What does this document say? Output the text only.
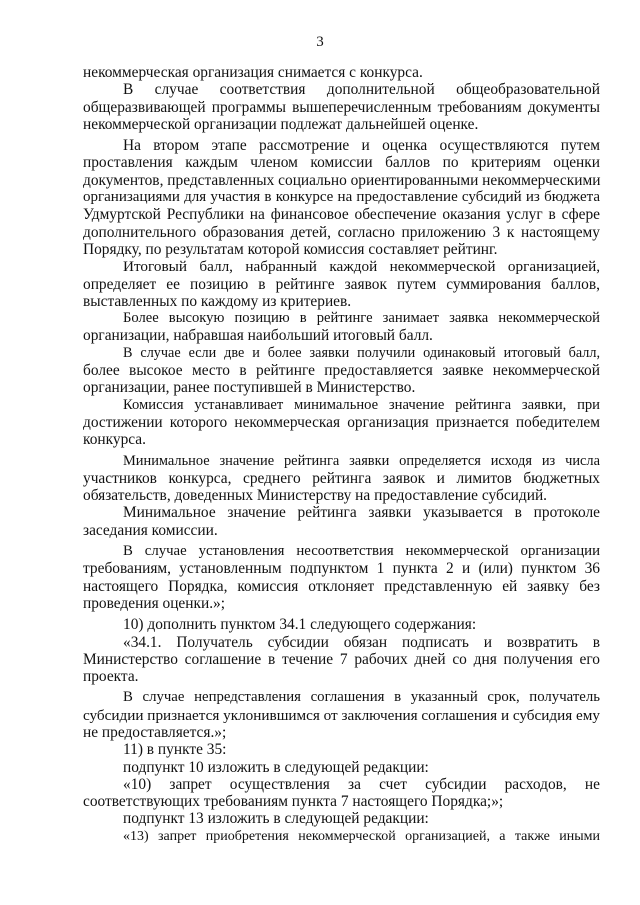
3
некоммерческая организация снимается с конкурса.
В случае соответствия дополнительной общеобразовательной
общеразвивающей программы вышеперечисленным требованиям документы
некоммерческой организации подлежат дальнейшей оценке.
На втором этапе рассмотрение и оценка осуществляются путем
проставления каждым членом комиссии баллов по критериям оценки
документов, представленных социально ориентированными некоммерческими
организациями для участия в конкурсе на предоставление субсидий из бюджета
Удмуртской Республики на финансовое обеспечение оказания услуг в сфере
дополнительного образования детей, согласно приложению 3 к настоящему
Порядку, по результатам которой комиссия составляет рейтинг.
Итоговый балл, набранный каждой некоммерческой организацией,
определяет ее позицию в рейтинге заявок путем суммирования баллов,
выставленных по каждому из критериев.
Более высокую позицию в рейтинге занимает заявка некоммерческой
организации, набравшая наибольший итоговый балл.
В случае если две и более заявки получили одинаковый итоговый балл,
более высокое место в рейтинге предоставляется заявке некоммерческой
организации, ранее поступившей в Министерство.
Комиссия устанавливает минимальное значение рейтинга заявки, при
достижении которого некоммерческая организация признается победителем
конкурса.
Минимальное значение рейтинга заявки определяется исходя из числа
участников конкурса, среднего рейтинга заявок и лимитов бюджетных
обязательств, доведенных Министерству на предоставление субсидий.
Минимальное значение рейтинга заявки указывается в протоколе
заседания комиссии.
В случае установления несоответствия некоммерческой организации
требованиям, установленным подпунктом 1 пункта 2 и (или) пунктом 36
настоящего Порядка, комиссия отклоняет представленную ей заявку без
проведения оценки.»;
10) дополнить пунктом 34.1 следующего содержания:
«34.1. Получатель субсидии обязан подписать и возвратить в
Министерство соглашение в течение 7 рабочих дней со дня получения его
проекта.
В случае непредставления соглашения в указанный срок, получатель
субсидии признается уклонившимся от заключения соглашения и субсидия ему
не предоставляется.»;
11) в пункте 35:
подпункт 10 изложить в следующей редакции:
«10) запрет осуществления за счет субсидии расходов, не
соответствующих требованиям пункта 7 настоящего Порядка;»;
подпункт 13 изложить в следующей редакции:
«13) запрет приобретения некоммерческой организацией, а также иными
